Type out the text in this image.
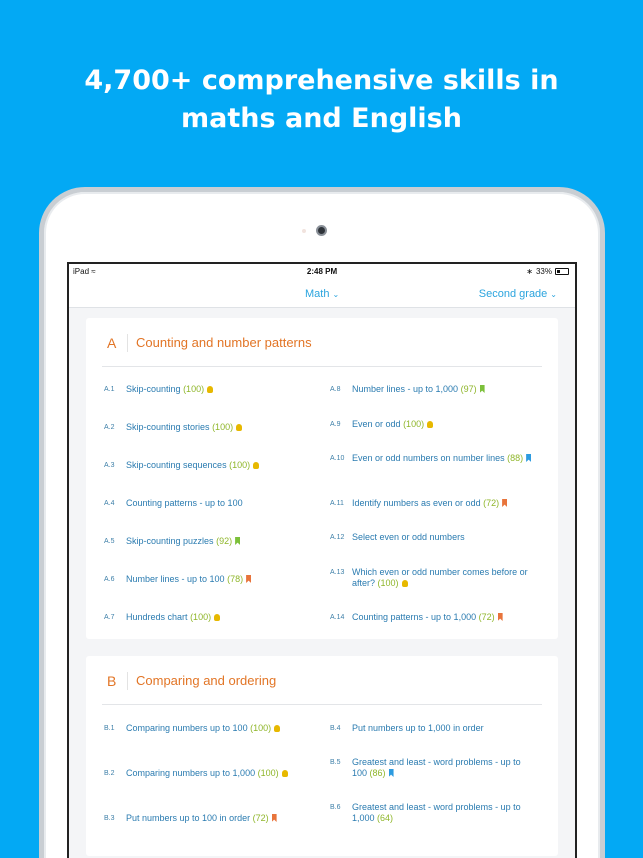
4,700+ comprehensive skills in
maths and English
iPad ≈	2:48 PM	∗ 33%
Math ⌄	Second grade ⌄
A Counting and number patterns
A.1	Skip-counting (100)
A.2	Skip-counting stories (100)
A.3	Skip-counting sequences (100)
A.4	Counting patterns - up to 100
A.5	Skip-counting puzzles (92)
A.6	Number lines - up to 100 (78)
A.7	Hundreds chart (100)
A.8	Number lines - up to 1,000 (97)
A.9	Even or odd (100)
A.10 Even or odd numbers on number lines (88)
A.11 Identify numbers as even or odd (72)
A.12 Select even or odd numbers
A.13 Which even or odd number comes before or after? (100)
A.14 Counting patterns - up to 1,000 (72)
B Comparing and ordering
B.1	Comparing numbers up to 100 (100)
B.2	Comparing numbers up to 1,000 (100)
B.3	Put numbers up to 100 in order (72)
B.4	Put numbers up to 1,000 in order
B.5	Greatest and least - word problems - up to 100 (86)
B.6	Greatest and least - word problems - up to 1,000 (64)
